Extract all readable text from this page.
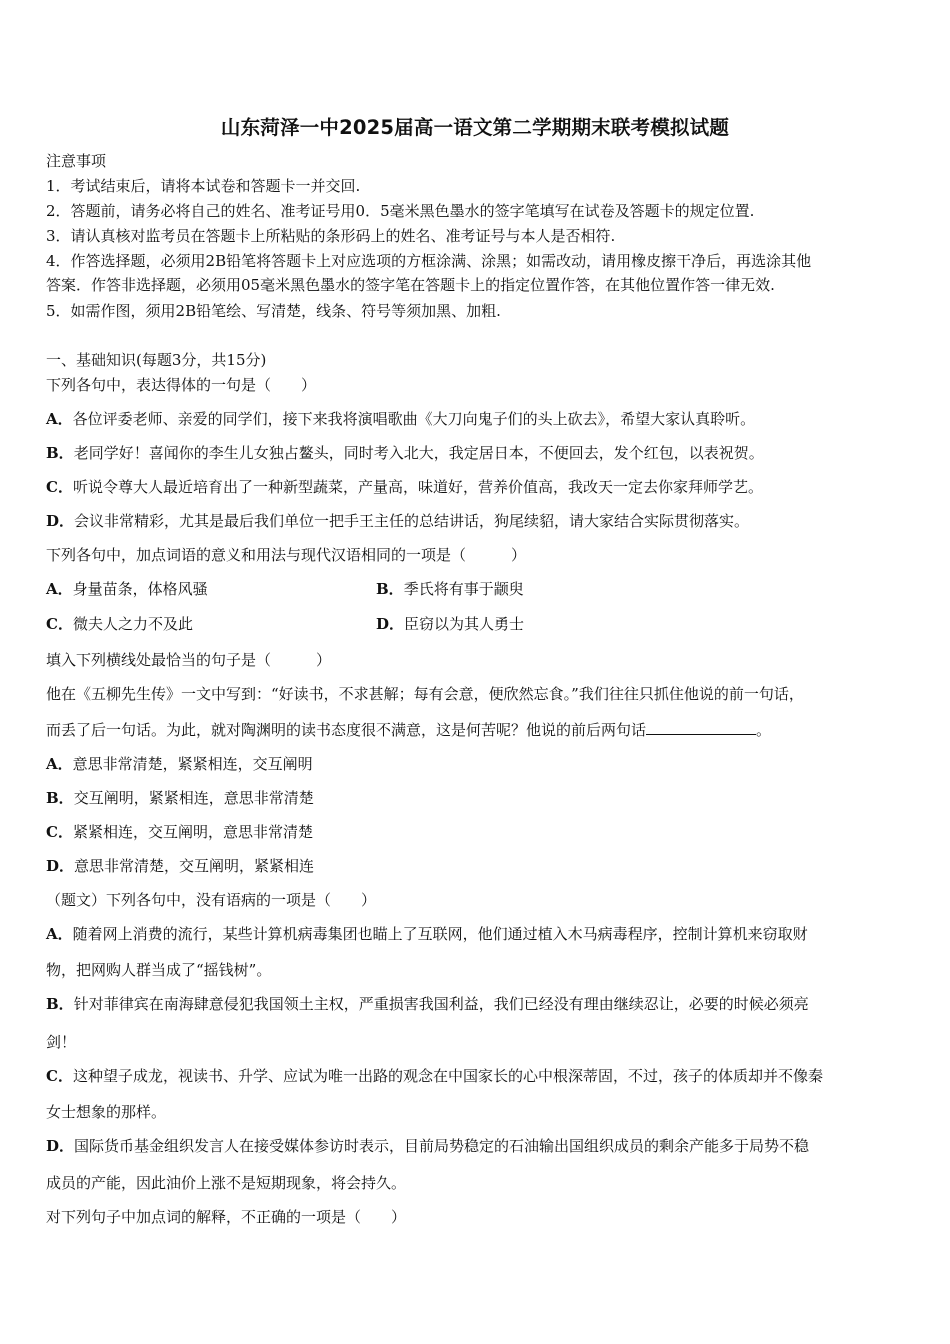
山东菏泽一中2025届高一语文第二学期期末联考模拟试题
注意事项
1．考试结束后，请将本试卷和答题卡一并交回.
2．答题前，请务必将自己的姓名、准考证号用0．5毫米黑色墨水的签字笔填写在试卷及答题卡的规定位置.
3．请认真核对监考员在答题卡上所粘贴的条形码上的姓名、准考证号与本人是否相符.
4．作答选择题，必须用2B铅笔将答题卡上对应选项的方框涂满、涂黑；如需改动，请用橡皮擦干净后，再选涂其他
答案．作答非选择题，必须用05毫米黑色墨水的签字笔在答题卡上的指定位置作答，在其他位置作答一律无效.
5．如需作图，须用2B铅笔绘、写清楚，线条、符号等须加黑、加粗.
一、基础知识(每题3分，共15分)
下列各句中，表达得体的一句是（　　）
A．各位评委老师、亲爱的同学们，接下来我将演唱歌曲《大刀向鬼子们的头上砍去》，希望大家认真聆听。
B．老同学好！喜闻你的李生儿女独占鳌头，同时考入北大，我定居日本，不便回去，发个红包，以表祝贺。
C．听说令尊大人最近培育出了一种新型蔬菜，产量高，味道好，营养价值高，我改天一定去你家拜师学艺。
D．会议非常精彩，尤其是最后我们单位一把手王主任的总结讲话，狗尾续貂，请大家结合实际贯彻落实。
下列各句中，加点词语的意义和用法与现代汉语相同的一项是（　　　）
A．身量苗条，体格风骚	B．季氏将有事于颛臾
C．微夫人之力不及此	D．臣窃以为其人勇士
填入下列横线处最恰当的句子是（　　　）
他在《五柳先生传》一文中写到：“好读书，不求甚解；每有会意，便欣然忘食。”我们往往只抓住他说的前一句话，
而丢了后一句话。为此，就对陶渊明的读书态度很不满意，这是何苦呢？他说的前后两句话	。
A．意思非常清楚，紧紧相连，交互阐明
B．交互阐明，紧紧相连，意思非常清楚
C．紧紧相连，交互阐明，意思非常清楚
D．意思非常清楚，交互阐明，紧紧相连
（题文）下列各句中，没有语病的一项是（　　）
A．随着网上消费的流行，某些计算机病毒集团也瞄上了互联网，他们通过植入木马病毒程序，控制计算机来窃取财
物，把网购人群当成了“摇钱树”。
B．针对菲律宾在南海肆意侵犯我国领土主权，严重损害我国利益，我们已经没有理由继续忍让，必要的时候必须亮
剑！
C．这种望子成龙，视读书、升学、应试为唯一出路的观念在中国家长的心中根深蒂固，不过，孩子的体质却并不像秦
女士想象的那样。
D．国际货币基金组织发言人在接受媒体参访时表示，目前局势稳定的石油输出国组织成员的剩余产能多于局势不稳
成员的产能，因此油价上涨不是短期现象，将会持久。
对下列句子中加点词的解释，不正确的一项是（　　）
